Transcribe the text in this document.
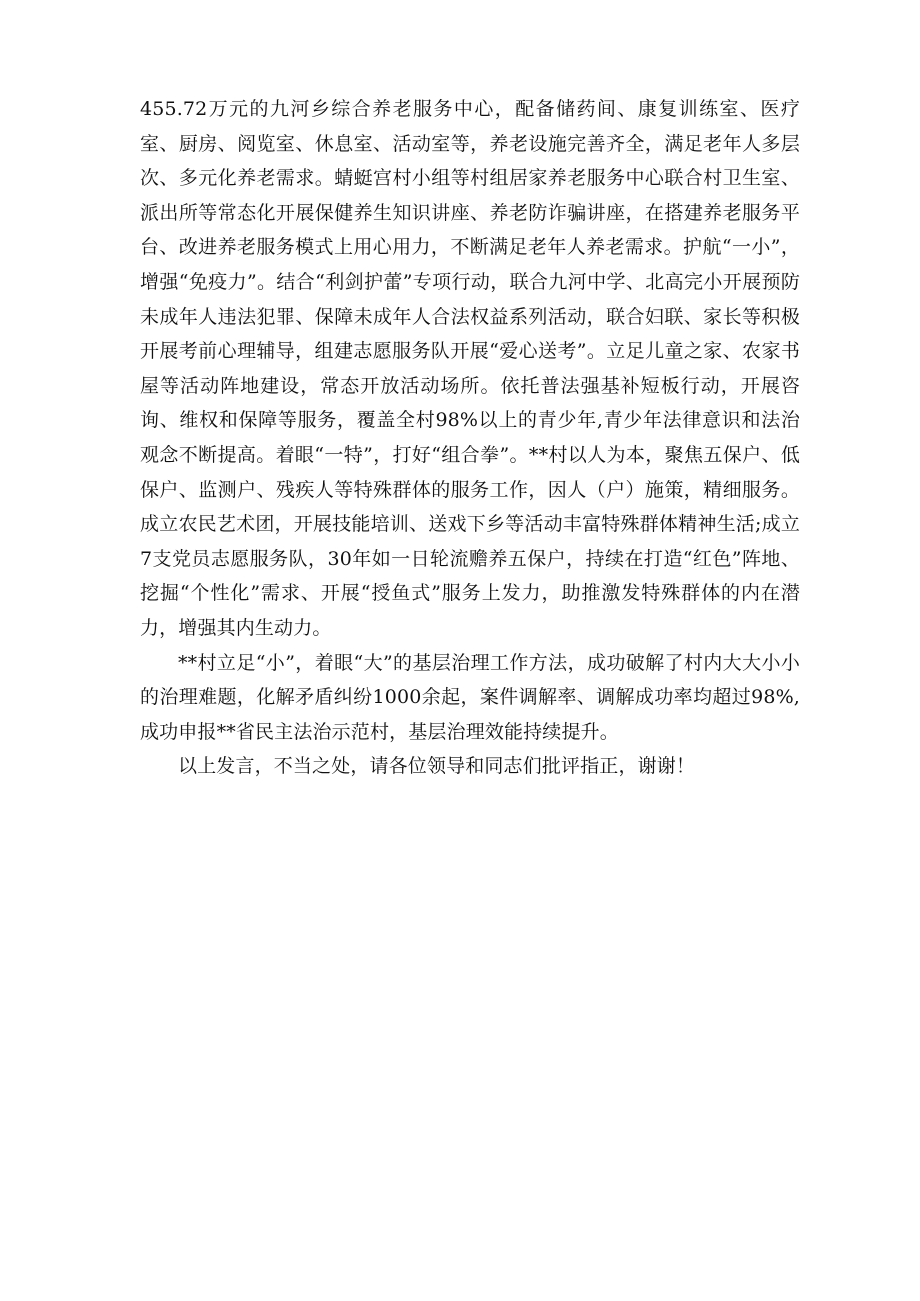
455.72万元的九河乡综合养老服务中心，配备储药间、康复训练室、医疗室、厨房、阅览室、休息室、活动室等，养老设施完善齐全，满足老年人多层次、多元化养老需求。蜻蜓宫村小组等村组居家养老服务中心联合村卫生室、派出所等常态化开展保健养生知识讲座、养老防诈骗讲座，在搭建养老服务平台、改进养老服务模式上用心用力，不断满足老年人养老需求。护航“一小”，增强“免疫力”。结合“利剑护蕾”专项行动，联合九河中学、北高完小开展预防未成年人违法犯罪、保障未成年人合法权益系列活动，联合妇联、家长等积极开展考前心理辅导，组建志愿服务队开展“爱心送考”。立足儿童之家、农家书屋等活动阵地建设，常态开放活动场所。依托普法强基补短板行动，开展咨询、维权和保障等服务，覆盖全村98%以上的青少年,青少年法律意识和法治观念不断提高。着眼“一特”，打好“组合拳”。**村以人为本，聚焦五保户、低保户、监测户、残疾人等特殊群体的服务工作，因人（户）施策，精细服务。成立农民艺术团，开展技能培训、送戏下乡等活动丰富特殊群体精神生活;成立7支党员志愿服务队，30年如一日轮流赡养五保户，持续在打造“红色”阵地、挖掘“个性化”需求、开展“授鱼式”服务上发力，助推激发特殊群体的内在潜力，增强其内生动力。

**村立足“小”，着眼“大”的基层治理工作方法，成功破解了村内大大小小的治理难题，化解矛盾纠纷1000余起，案件调解率、调解成功率均超过98%,成功申报**省民主法治示范村，基层治理效能持续提升。

以上发言，不当之处，请各位领导和同志们批评指正，谢谢！
